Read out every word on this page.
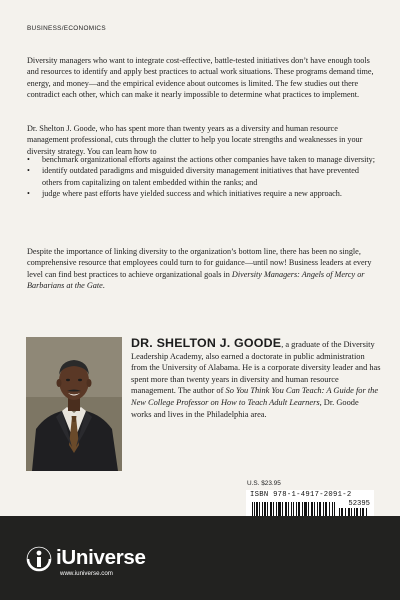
BUSINESS/ECONOMICS

Diversity managers who want to integrate cost-effective, battle-tested initiatives don’t have enough tools and resources to identify and apply best practices to actual work situations. These programs demand time, energy, and money—and the empirical evidence about outcomes is limited. The few studies out there contradict each other, which can make it nearly impossible to determine what practices to implement.

Dr. Shelton J. Goode, who has spent more than twenty years as a diversity and human resource management professional, cuts through the clutter to help you locate strengths and weaknesses in your diversity strategy. You can learn how to

• benchmark organizational efforts against the actions other companies have taken to manage diversity;
• identify outdated paradigms and misguided diversity management initiatives that have prevented others from capitalizing on talent embedded within the ranks; and
• judge where past efforts have yielded success and which initiatives require a new approach.

Despite the importance of linking diversity to the organization’s bottom line, there has been no single, comprehensive resource that employees could turn to for guidance—until now! Business leaders at every level can find best practices to achieve organizational goals in Diversity Managers: Angels of Mercy or Barbarians at the Gate.

DR. SHELTON J. GOODE, a graduate of the Diversity Leadership Academy, also earned a doctorate in public administration from the University of Alabama. He is a corporate diversity leader and has spent more than twenty years in diversity and human resource management. The author of So You Think You Can Teach: A Guide for the New College Professor on How to Teach Adult Learners, Dr. Goode works and lives in the Philadelphia area.
U.S. $23.95
ISBN 978-1-4917-2091-2
52395
iUniverse
www.iuniverse.com
